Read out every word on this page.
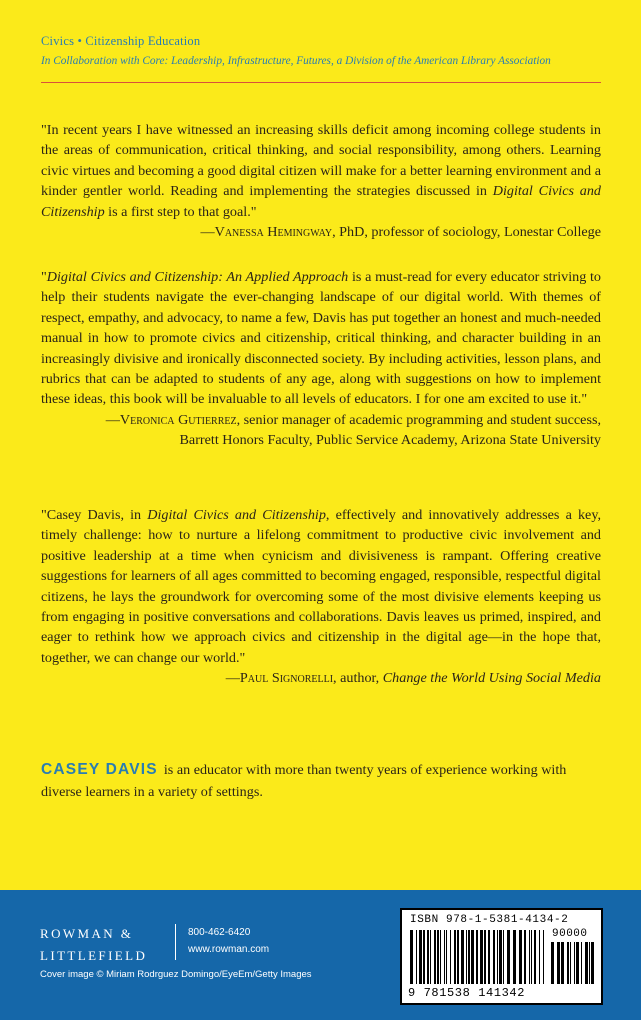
Civics • Citizenship Education
In Collaboration with Core: Leadership, Infrastructure, Futures, a Division of the American Library Association

"In recent years I have witnessed an increasing skills deficit among incoming college students in the areas of communication, critical thinking, and social responsibility, among others. Learning civic virtues and becoming a good digital citizen will make for a better learning environment and a kinder gentler world. Reading and implementing the strategies discussed in Digital Civics and Citizenship is a first step to that goal."

—Vanessa Hemingway, PhD, professor of sociology, Lonestar College

"Digital Civics and Citizenship: An Applied Approach is a must-read for every educator striving to help their students navigate the ever-changing landscape of our digital world. With themes of respect, empathy, and advocacy, to name a few, Davis has put together an honest and much-needed manual in how to promote civics and citizenship, critical thinking, and character building in an increasingly divisive and ironically disconnected society. By including activities, lesson plans, and rubrics that can be adapted to students of any age, along with suggestions on how to implement these ideas, this book will be invaluable to all levels of educators. I for one am excited to use it."

—Veronica Gutierrez, senior manager of academic programming and student success,

Barrett Honors Faculty, Public Service Academy, Arizona State University

"Casey Davis, in Digital Civics and Citizenship, effectively and innovatively addresses a key, timely challenge: how to nurture a lifelong commitment to productive civic involvement and positive leadership at a time when cynicism and divisiveness is rampant. Offering creative suggestions for learners of all ages committed to becoming engaged, responsible, respectful digital citizens, he lays the groundwork for overcoming some of the most divisive elements keeping us from engaging in positive conversations and collaborations. Davis leaves us primed, inspired, and eager to rethink how we approach civics and citizenship in the digital age—in the hope that, together, we can change our world."

—Paul Signorelli, author, Change the World Using Social Media

CASEY DAVIS is an educator with more than twenty years of experience working with diverse learners in a variety of settings.
ROWMAN &
LITTLEFIELD
800-462-6420
www.rowman.com
Cover image © Miriam Rodrguez Domingo/EyeEm/Getty Images
ISBN 978-1-5381-4134-2
90000
9 781538 141342
